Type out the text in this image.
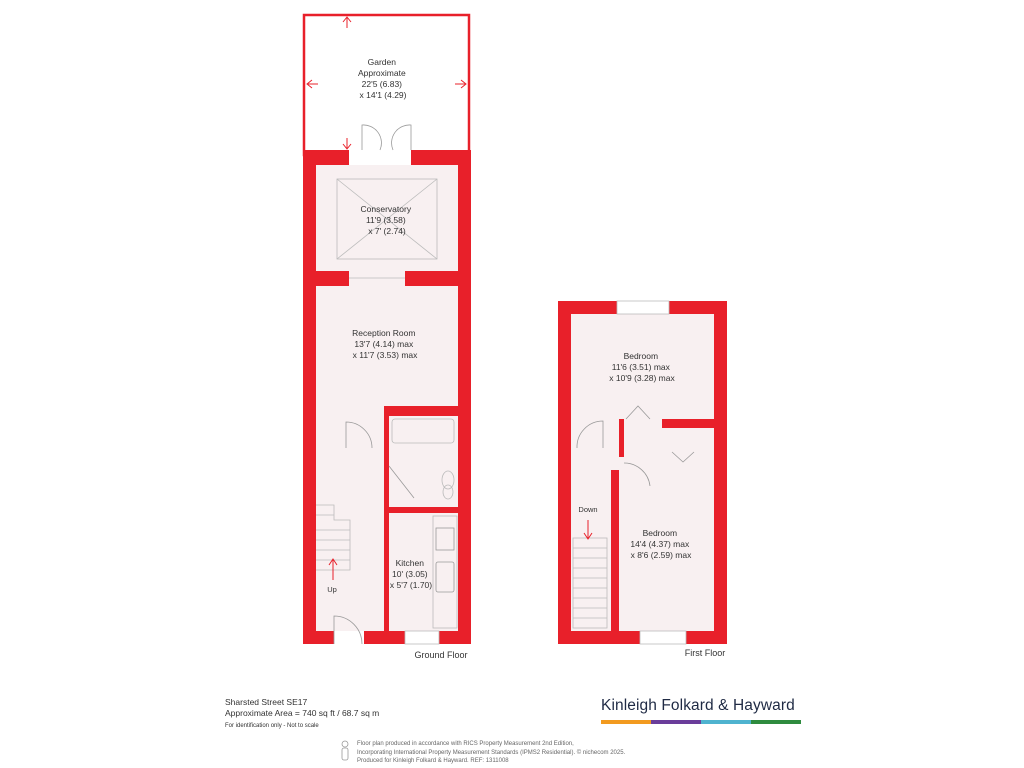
Garden Approximate 22'5 (6.83) x 14'1 (4.29)
Conservatory 11'9 (3.58) x 7' (2.74)
Reception Room 13'7 (4.14) max x 11'7 (3.53) max
Kitchen 10' (3.05) x 5'7 (1.70)
Up
Ground Floor
Bedroom 11'6 (3.51) max x 10'9 (3.28) max
Bedroom 14'4 (4.37) max x 8'6 (2.59) max
Down
First Floor
Sharsted Street SE17
Approximate Area = 740 sq ft / 68.7 sq m
For identification only - Not to scale
Kinleigh Folkard & Hayward
Floor plan produced in accordance with RICS Property Measurement 2nd Edition,
Incorporating International Property Measurement Standards (IPMS2 Residential). © nichecom 2025.
Produced for Kinleigh Folkard & Hayward. REF: 1311008
